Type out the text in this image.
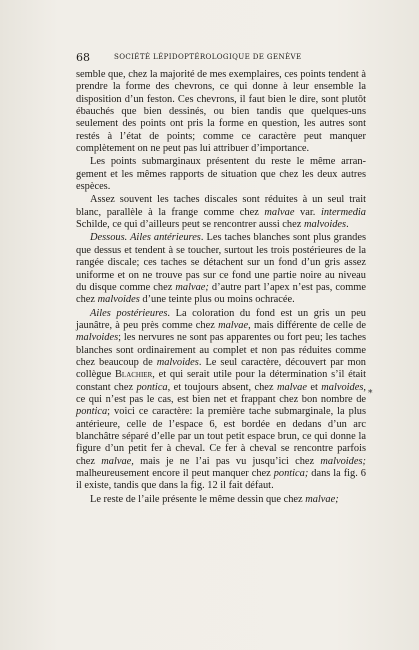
68	SOCIÉTÉ LÉPIDOPTÉROLOGIQUE DE GENÈVE

semble que, chez la majorité de mes exemplaires, ces points tendent à prendre la forme des chevrons, ce qui donne à leur ensemble la disposition d’un feston. Ces chevrons, il faut bien le dire, sont plutôt ébauchés que bien dessinés, ou bien tandis que quelques-uns seulement des points ont pris la forme en question, les autres sont restés à l’état de points; comme ce caractère peut manquer complètement on ne peut pas lui attribuer d’importance.

Les points submarginaux présentent du reste le même arrangement et les mêmes rapports de situation que chez les deux autres espèces.

Assez souvent les taches discales sont réduites à un seul trait blanc, parallèle à la frange comme chez malvae var. intermedia Schilde, ce qui d’ailleurs peut se rencontrer aussi chez malvoides.

Dessous. Ailes antérieures. Les taches blanches sont plus grandes que dessus et tendent à se toucher, surtout les trois postérieures de la rangée discale; ces taches se détachent sur un fond d’un gris assez uniforme et on ne trouve pas sur ce fond une partie noire au niveau du disque comme chez malvae; d’autre part l’apex n’est pas, comme chez malvoides d’une teinte plus ou moins ochracée.

Ailes postérieures. La coloration du fond est un gris un peu jaunâtre, à peu près comme chez malvae, mais différente de celle de malvoides; les nervures ne sont pas apparentes ou fort peu; les taches blanches sont ordinairement au complet et non pas réduites comme chez beaucoup de malvoides. Le seul caractère, découvert par mon collègue Blachier, et qui serait utile pour la détermination s’il était constant chez pontica, et toujours absent, chez malvae et malvoides, ce qui n’est pas le cas, est bien net et frappant chez bon nombre de pontica; voici ce caractère: la première tache submarginale, la plus antérieure, celle de l’espace 6, est bordée en dedans d’un arc blanchâtre séparé d’elle par un tout petit espace brun, ce qui donne la figure d’un petit fer à cheval. Ce fer à cheval se rencontre parfois chez malvae, mais je ne l’ai pas vu jusqu’ici chez malvoides; malheureusement encore il peut manquer chez pontica; dans la fig. 6 il existe, tandis que dans la fig. 12 il fait défaut.

Le reste de l’aile présente le même dessin que chez malvae;

*
